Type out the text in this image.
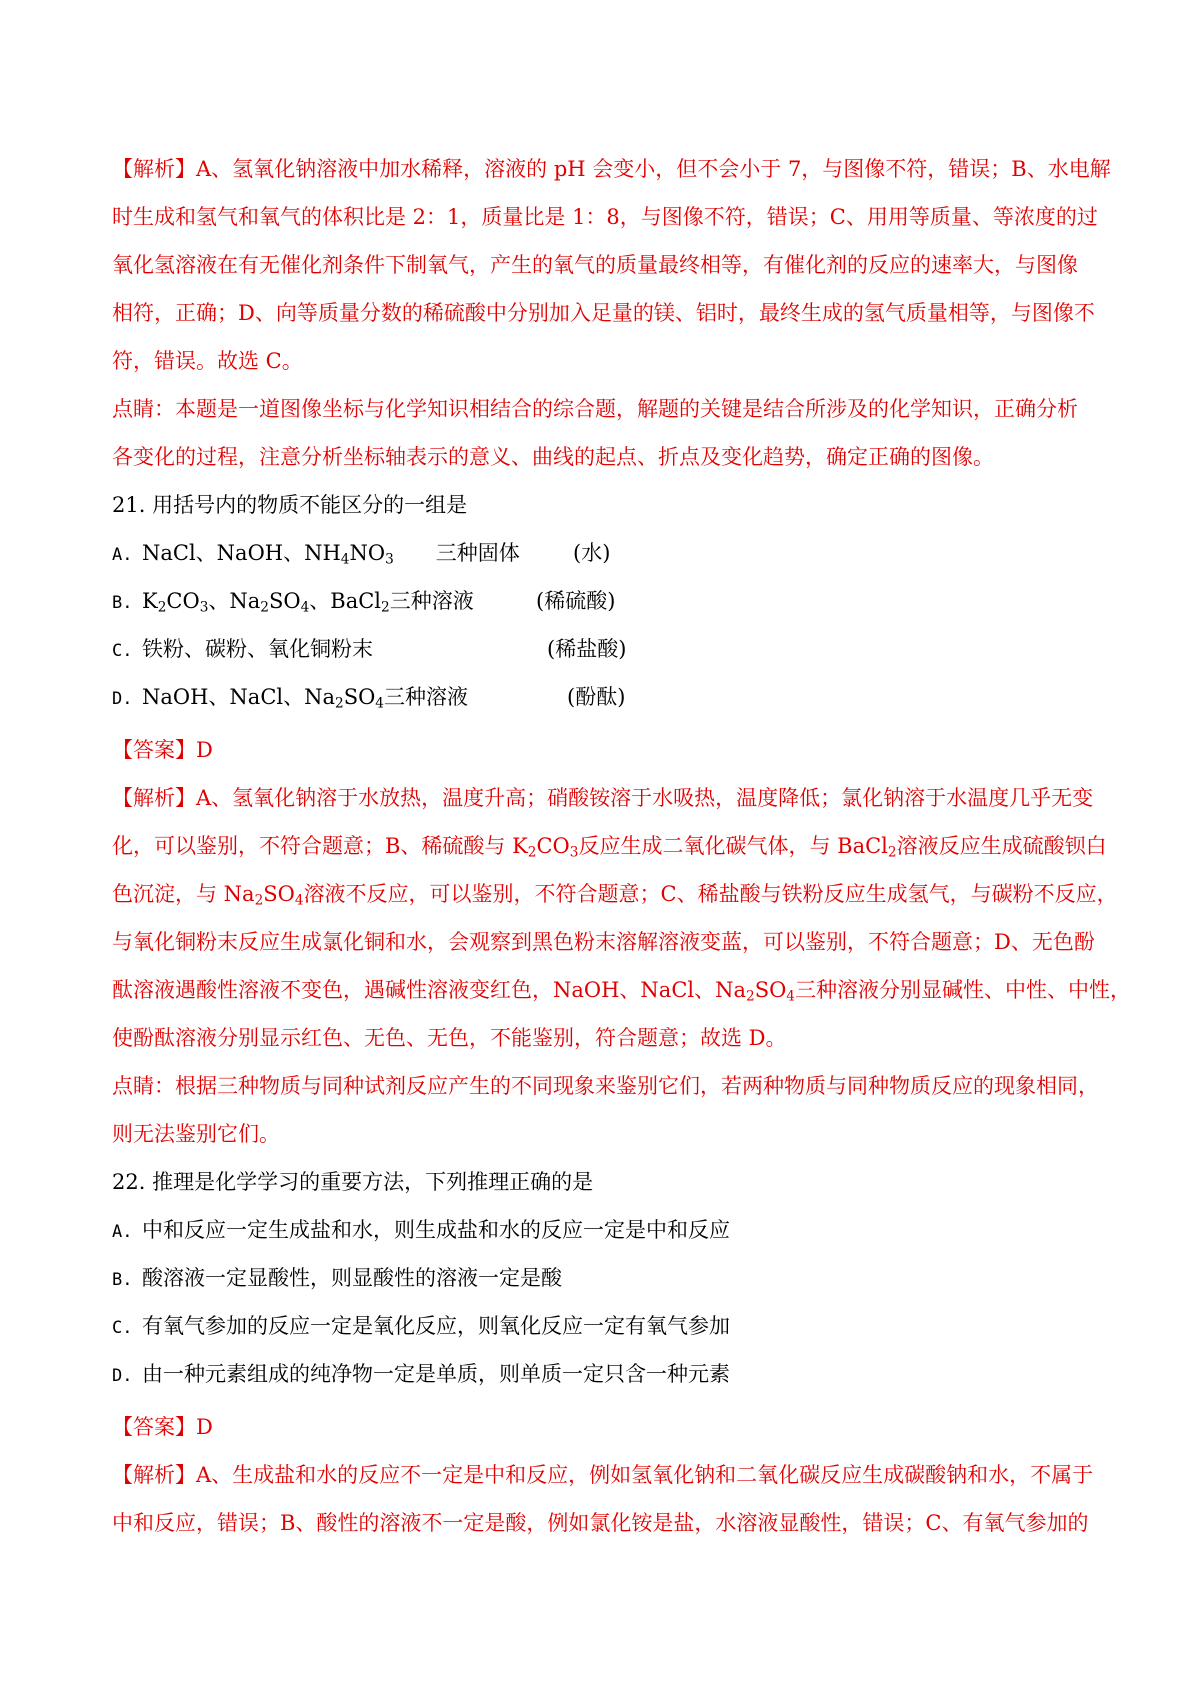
【解析】A、氢氧化钠溶液中加水稀释，溶液的 pH 会变小，但不会小于 7，与图像不符，错误；B、水电解
时生成和氢气和氧气的体积比是 2：1，质量比是 1：8，与图像不符，错误；C、用用等质量、等浓度的过
氧化氢溶液在有无催化剂条件下制氧气，产生的氧气的质量最终相等，有催化剂的反应的速率大，与图像
相符，正确；D、向等质量分数的稀硫酸中分别加入足量的镁、铝时，最终生成的氢气质量相等，与图像不
符，错误。故选 C。
点睛：本题是一道图像坐标与化学知识相结合的综合题，解题的关键是结合所涉及的化学知识，正确分析
各变化的过程，注意分析坐标轴表示的意义、曲线的起点、折点及变化趋势，确定正确的图像。
21. 用括号内的物质不能区分的一组是
A. NaCl、NaOH、$NH_4NO_3$　　三种固体	(水)
B. $K_2CO_3$、$Na_2SO_4$、BaCl$_2$三种溶液	(稀硫酸)
C. 铁粉、碳粉、氧化铜粉末	(稀盐酸)
D. NaOH、NaCl、$Na_2SO_4$三种溶液	(酚酞)
【答案】D
【解析】A、氢氧化钠溶于水放热，温度升高；硝酸铵溶于水吸热，温度降低；氯化钠溶于水温度几乎无变
化，可以鉴别，不符合题意；B、稀硫酸与 $K_2CO_3$反应生成二氧化碳气体，与 BaCl$_2$溶液反应生成硫酸钡白
色沉淀，与 $Na_2SO_4$溶液不反应，可以鉴别，不符合题意；C、稀盐酸与铁粉反应生成氢气，与碳粉不反应，
与氧化铜粉末反应生成氯化铜和水，会观察到黑色粉末溶解溶液变蓝，可以鉴别，不符合题意；D、无色酚
酞溶液遇酸性溶液不变色，遇碱性溶液变红色，NaOH、NaCl、$Na_2SO_4$三种溶液分别显碱性、中性、中性，
使酚酞溶液分别显示红色、无色、无色，不能鉴别，符合题意；故选 D。
点睛：根据三种物质与同种试剂反应产生的不同现象来鉴别它们，若两种物质与同种物质反应的现象相同，
则无法鉴别它们。
22. 推理是化学学习的重要方法，下列推理正确的是
A. 中和反应一定生成盐和水，则生成盐和水的反应一定是中和反应
B. 酸溶液一定显酸性，则显酸性的溶液一定是酸
C. 有氧气参加的反应一定是氧化反应，则氧化反应一定有氧气参加
D. 由一种元素组成的纯净物一定是单质，则单质一定只含一种元素
【答案】D
【解析】A、生成盐和水的反应不一定是中和反应，例如氢氧化钠和二氧化碳反应生成碳酸钠和水，不属于
中和反应，错误；B、酸性的溶液不一定是酸，例如氯化铵是盐，水溶液显酸性，错误；C、有氧气参加的
